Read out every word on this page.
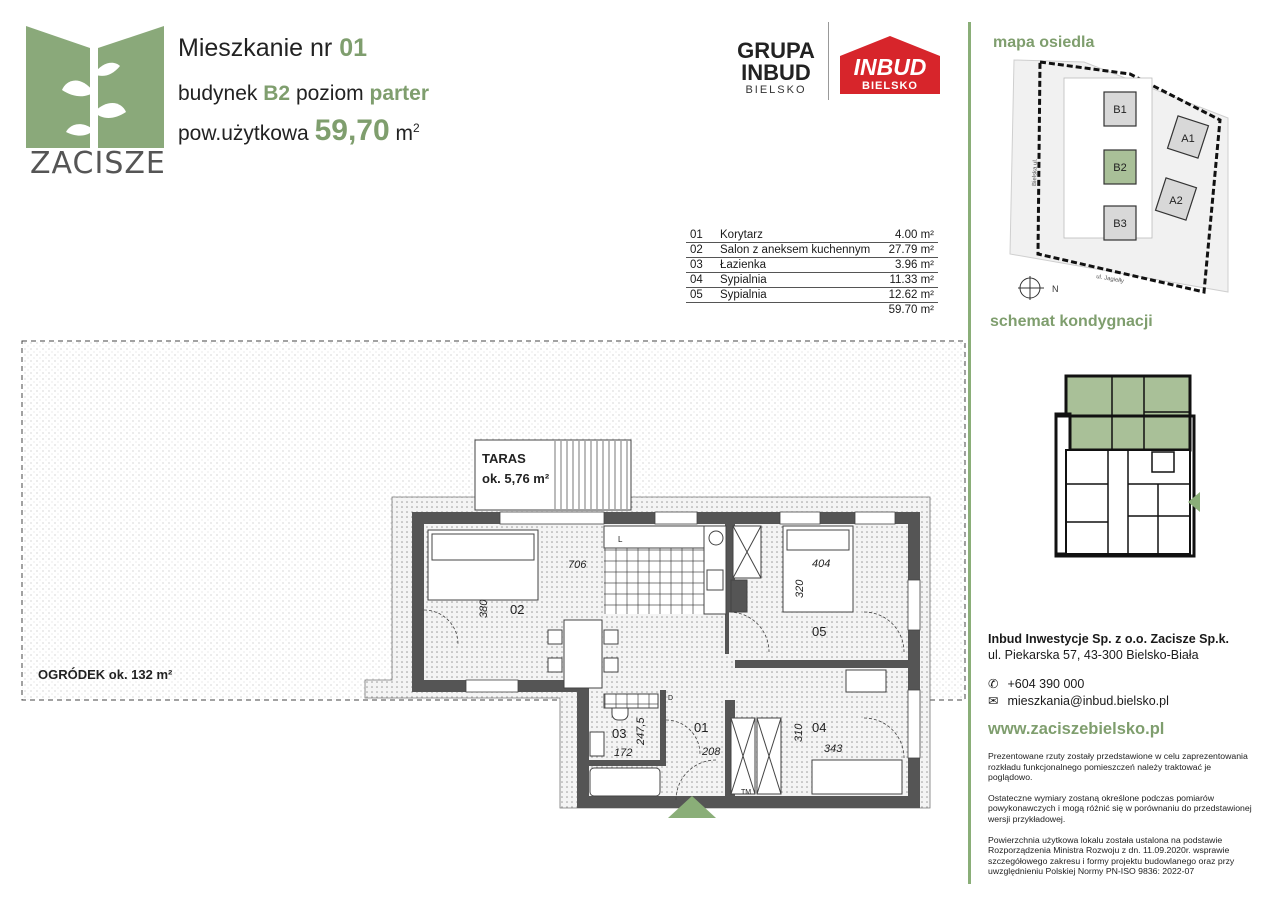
ZACISZE
Mieszkanie nr 01
budynek B2 poziom parter
pow.użytkowa 59,70 $m^2$
GRUPA
INBUD
BIELSKO
INBUD
BIELSKO
01	Korytarz	4.00 m²
02	Salon z aneksem kuchennym	27.79 m²
03	Łazienka	3.96 m²
04	Sypialnia	11.33 m²
05	Sypialnia	12.62 m²
59.70 m²		
TARAS
ok. 5,76 m²
OGRÓDEK ok. 132 m²
02
05
04
01
03
706
380
404
320
310
343
208
172
247,5
TM
D
L
mapa osiedla
B1
B2
B3
A1
A2
Bielska ul.
ul. Jagiełły
N
schemat kondygnacji
Inbud Inwestycje Sp. z o.o. Zacisze Sp.k.
ul. Piekarska 57, 43-300 Bielsko-Biała
✆ +604 390 000
✉ mieszkania@inbud.bielsko.pl
www.zaciszebielsko.pl
Prezentowane rzuty zostały przedstawione w celu zaprezentowania rozkładu funkcjonalnego pomieszczeń należy traktować je poglądowo.
Ostateczne wymiary zostaną określone podczas pomiarów powykonawczych i mogą różnić się w porównaniu do przedstawionej wersji przykładowej.
Powierzchnia użytkowa lokalu została ustalona na podstawie Rozporządzenia Ministra Rozwoju z dn. 11.09.2020r. wsprawie szczegółowego zakresu i formy projektu budowlanego oraz przy uwzględnieniu Polskiej Normy PN-ISO 9836: 2022-07
